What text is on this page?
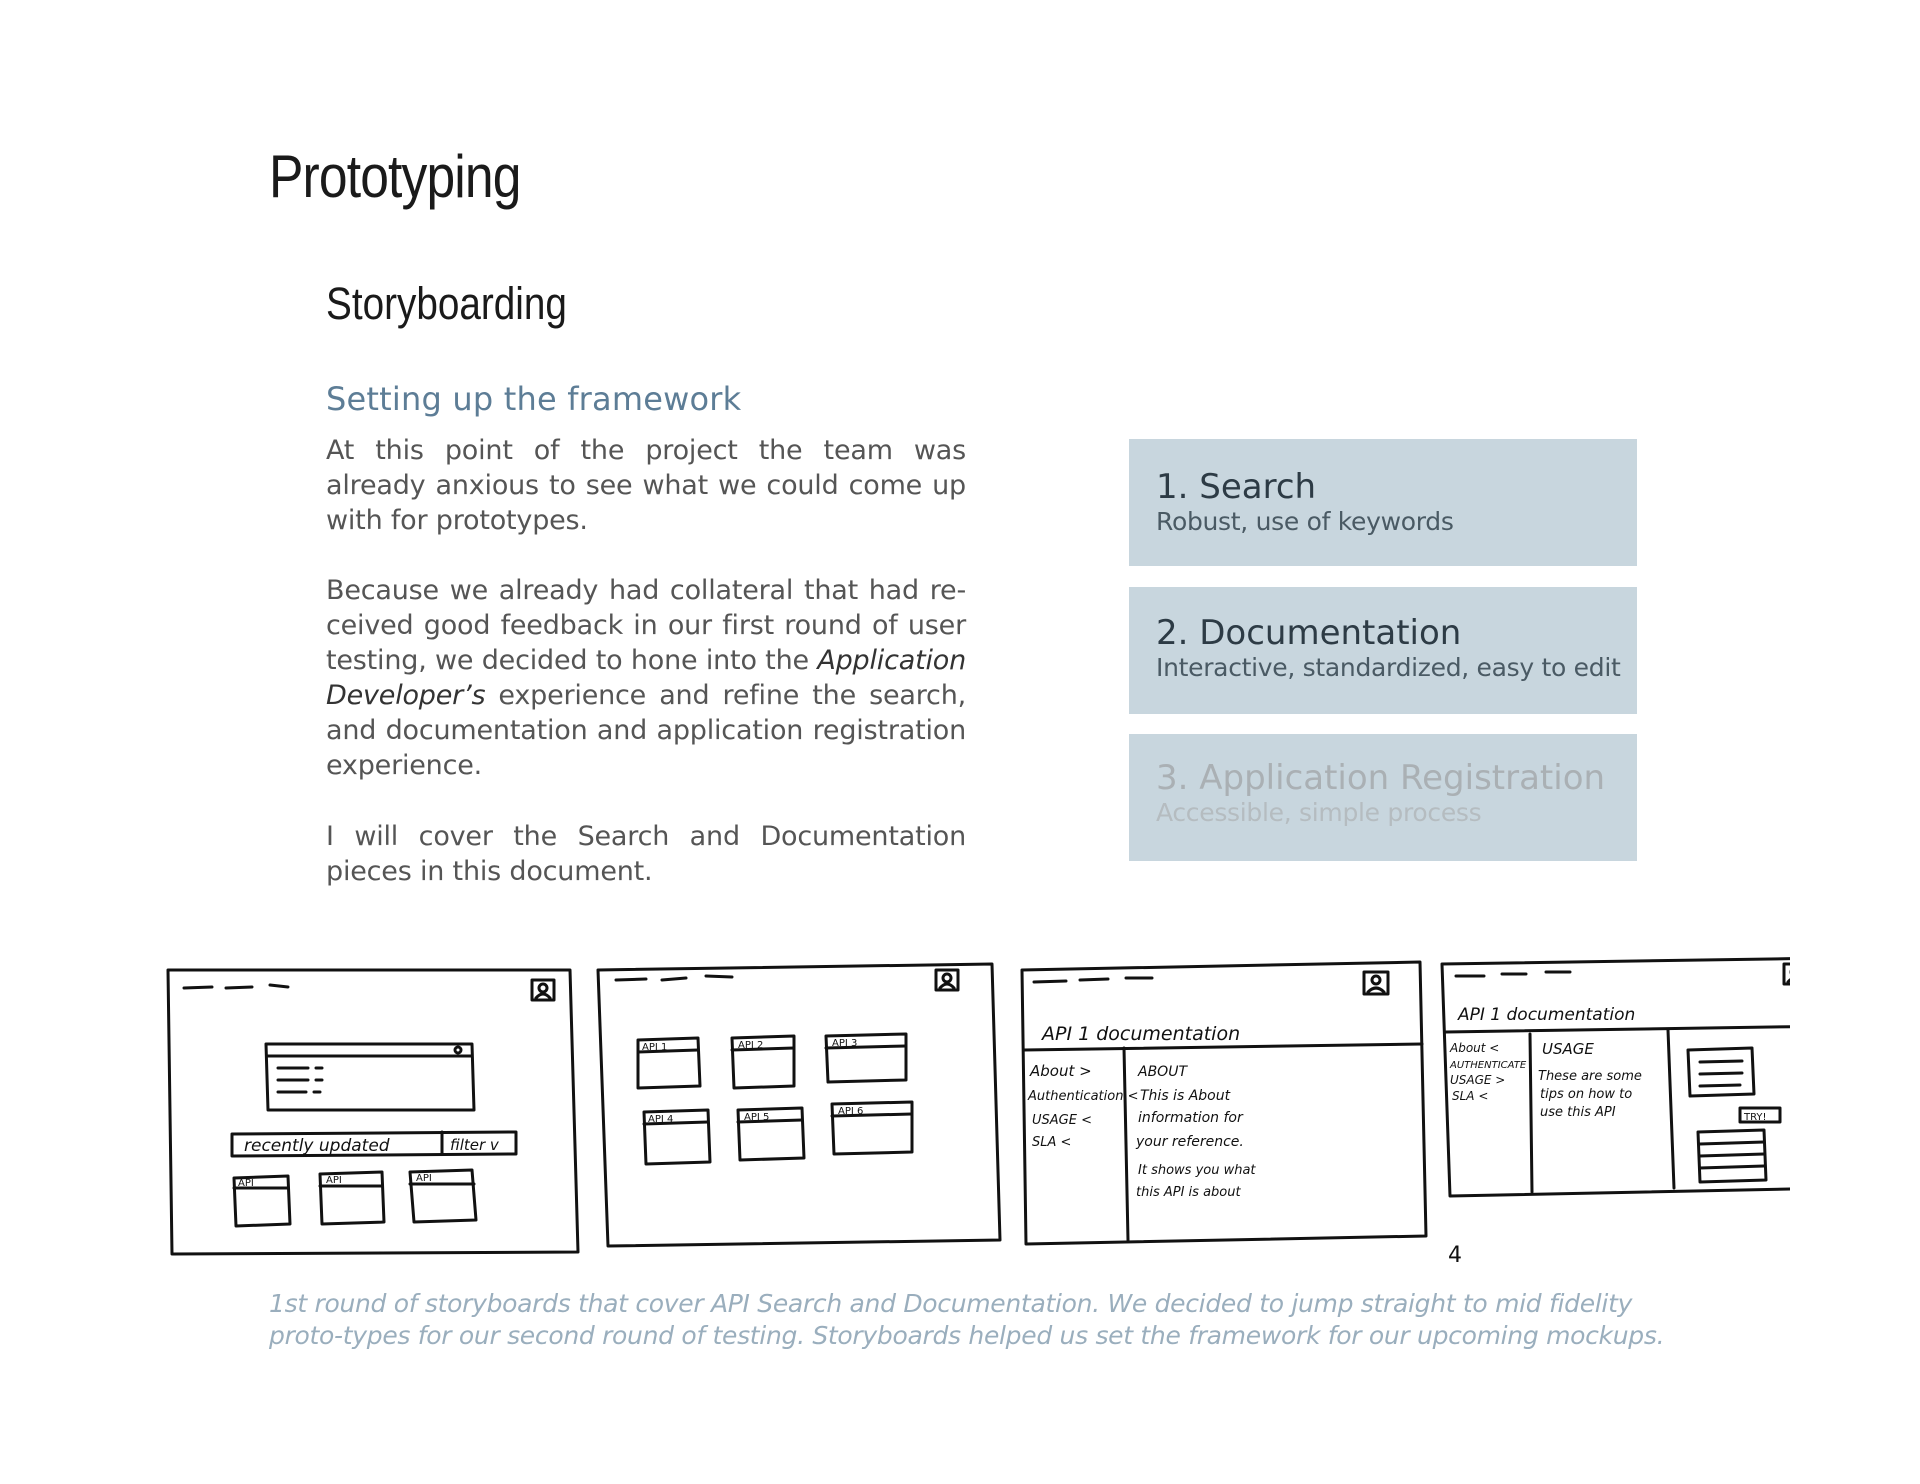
Prototyping
Storyboarding
Setting up the framework
At this point of the project the team was already anxious to see what we could come up with for prototypes.
Because we already had collateral that had re-ceived good feedback in our first round of user testing, we decided to hone into the Application Developer’s experience and refine the search, and documentation and application registration experience.
I will cover the Search and Documentation pieces in this document.
1. Search
Robust, use of keywords
2. Documentation
Interactive, standardized, easy to edit
3. Application Registration
Accessible, simple process
recently updated	filter v
API	API	API
API 1	API 2	API 3
API 4	API 5
API 6
API 1 documentation
About >
Authentication <
USAGE <
SLA <
ABOUT
This is About
information for
your reference.
It shows you what
this API is about
API 1 documentation
About <
AUTHENTICATE
USAGE >
SLA <
USAGE
These are some
tips on how to
use this API	TRY!
4
1st round of storyboards that cover API Search and Documentation. We decided to jump straight to mid fidelity proto-types for our second round of testing. Storyboards helped us set the framework for our upcoming mockups.
